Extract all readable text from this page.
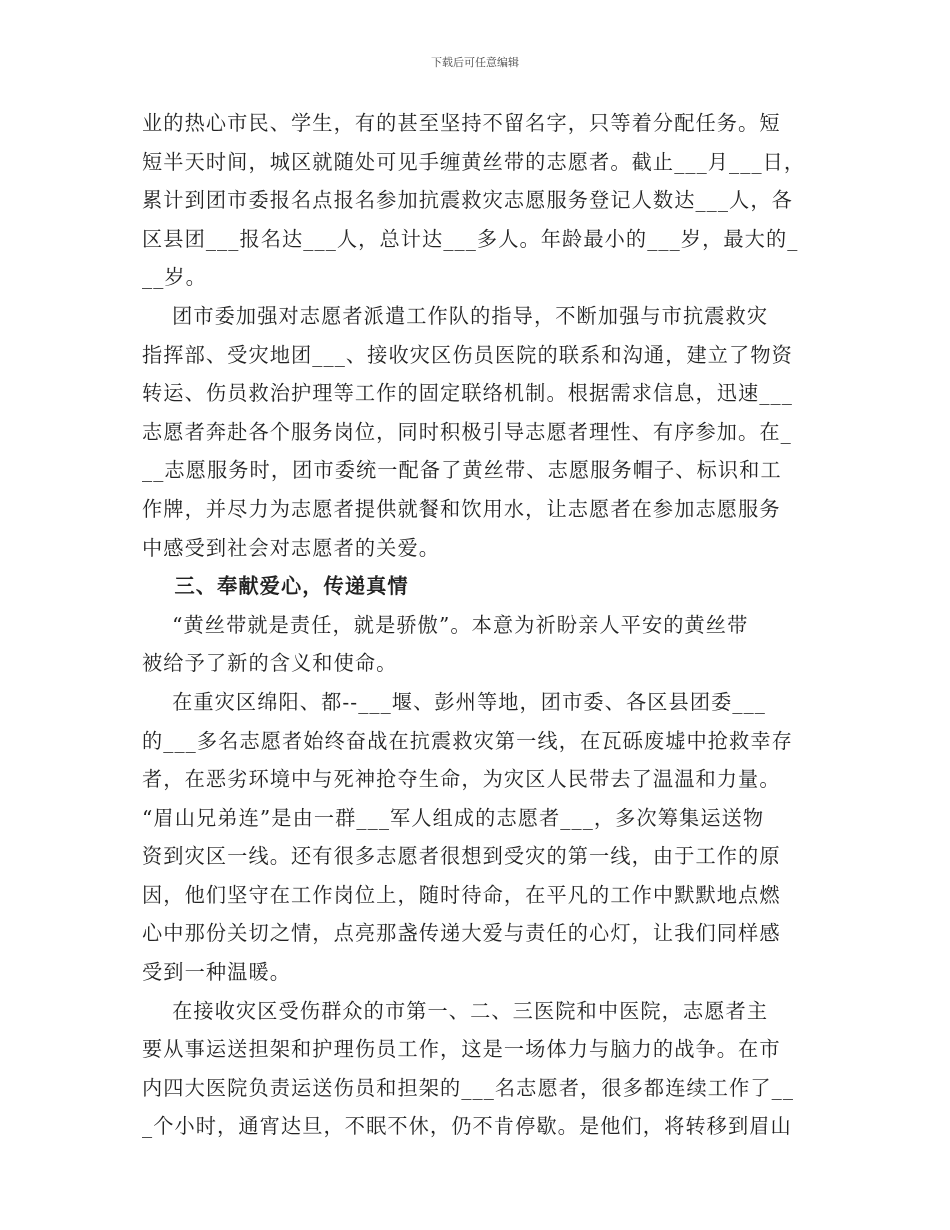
下载后可任意编辑
业的热心市民、学生，有的甚至坚持不留名字，只等着分配任务。短
短半天时间，城区就随处可见手缠黄丝带的志愿者。截止___月___日，
累计到团市委报名点报名参加抗震救灾志愿服务登记人数达___人，各
区县团___报名达___人，总计达___多人。年龄最小的___岁，最大的_
__岁。
团市委加强对志愿者派遣工作队的指导，不断加强与市抗震救灾
指挥部、受灾地团___、接收灾区伤员医院的联系和沟通，建立了物资
转运、伤员救治护理等工作的固定联络机制。根据需求信息，迅速___
志愿者奔赴各个服务岗位，同时积极引导志愿者理性、有序参加。在_
__志愿服务时，团市委统一配备了黄丝带、志愿服务帽子、标识和工
作牌，并尽力为志愿者提供就餐和饮用水，让志愿者在参加志愿服务
中感受到社会对志愿者的关爱。
三、奉献爱心，传递真情
“黄丝带就是责任，就是骄傲”。本意为祈盼亲人平安的黄丝带
被给予了新的含义和使命。
在重灾区绵阳、都--___堰、彭州等地，团市委、各区县团委___
的___多名志愿者始终奋战在抗震救灾第一线，在瓦砾废墟中抢救幸存
者，在恶劣环境中与死神抢夺生命，为灾区人民带去了温温和力量。
“眉山兄弟连”是由一群___军人组成的志愿者___，多次筹集运送物
资到灾区一线。还有很多志愿者很想到受灾的第一线，由于工作的原
因，他们坚守在工作岗位上，随时待命，在平凡的工作中默默地点燃
心中那份关切之情，点亮那盏传递大爱与责任的心灯，让我们同样感
受到一种温暖。
在接收灾区受伤群众的市第一、二、三医院和中医院，志愿者主
要从事运送担架和护理伤员工作，这是一场体力与脑力的战争。在市
内四大医院负责运送伤员和担架的___名志愿者，很多都连续工作了__
_个小时，通宵达旦，不眠不休，仍不肯停歇。是他们，将转移到眉山
